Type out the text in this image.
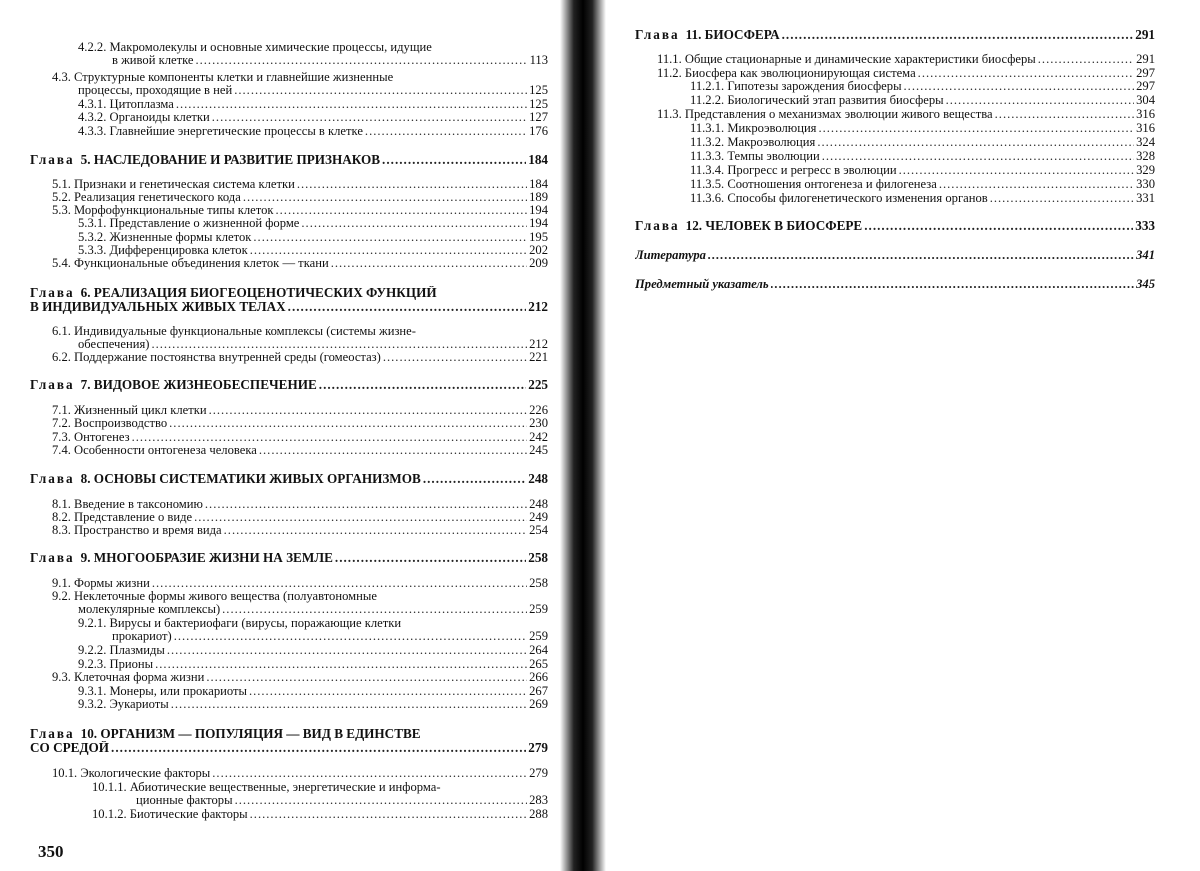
4.2.2. Макромолекулы и основные химические процессы, идущие
в живой клетке .....	113
4.3. Структурные компоненты клетки и главнейшие жизненные
процессы, проходящие в ней .....	125
4.3.1. Цитоплазма .....	125
4.3.2. Органоиды клетки .....	127
4.3.3. Главнейшие энергетические процессы в клетке .....	176
Глава 5. НАСЛЕДОВАНИЕ И РАЗВИТИЕ ПРИЗНАКОВ .....	184
5.1. Признаки и генетическая система клетки .....	184
5.2. Реализация генетического кода .....	189
5.3. Морфофункциональные типы клеток .....	194
5.3.1. Представление о жизненной форме .....	194
5.3.2. Жизненные формы клеток .....	195
5.3.3. Дифференцировка клеток .....	202
5.4. Функциональные объединения клеток — ткани .....	209
Глава 6. РЕАЛИЗАЦИЯ БИОГЕОЦЕНОТИЧЕСКИХ ФУНКЦИЙ
В ИНДИВИДУАЛЬНЫХ ЖИВЫХ ТЕЛАХ .....	212
6.1. Индивидуальные функциональные комплексы (системы жизне-
обеспечения) .....	212
6.2. Поддержание постоянства внутренней среды (гомеостаз) .....	221
Глава 7. ВИДОВОЕ ЖИЗНЕОБЕСПЕЧЕНИЕ .....	225
7.1. Жизненный цикл клетки .....	226
7.2. Воспроизводство .....	230
7.3. Онтогенез .....	242
7.4. Особенности онтогенеза человека .....	245
Глава 8. ОСНОВЫ СИСТЕМАТИКИ ЖИВЫХ ОРГАНИЗМОВ .....	248
8.1. Введение в таксономию .....	248
8.2. Представление о виде .....	249
8.3. Пространство и время вида .....	254
Глава 9. МНОГООБРАЗИЕ ЖИЗНИ НА ЗЕМЛЕ .....	258
9.1. Формы жизни .....	258
9.2. Неклеточные формы живого вещества (полуавтономные
молекулярные комплексы) .....	259
9.2.1. Вирусы и бактериофаги (вирусы, поражающие клетки
прокариот) .....	259
9.2.2. Плазмиды .....	264
9.2.3. Прионы .....	265
9.3. Клеточная форма жизни .....	266
9.3.1. Монеры, или прокариоты .....	267
9.3.2. Эукариоты .....	269
Глава 10. ОРГАНИЗМ — ПОПУЛЯЦИЯ — ВИД В ЕДИНСТВЕ
СО СРЕДОЙ .....	279
10.1. Экологические факторы .....	279
10.1.1. Абиотические вещественные, энергетические и информа-
ционные факторы .....	283
10.1.2. Биотические факторы .....	288
Глава 11. БИОСФЕРА .....	291
11.1. Общие стационарные и динамические характеристики биосферы .....	291
11.2. Биосфера как эволюционирующая система .....	297
11.2.1. Гипотезы зарождения биосферы .....	297
11.2.2. Биологический этап развития биосферы .....	304
11.3. Представления о механизмах эволюции живого вещества .....	316
11.3.1. Микроэволюция .....	316
11.3.2. Макроэволюция .....	324
11.3.3. Темпы эволюции .....	328
11.3.4. Прогресс и регресс в эволюции .....	329
11.3.5. Соотношения онтогенеза и филогенеза .....	330
11.3.6. Способы филогенетического изменения органов .....	331
Глава 12. ЧЕЛОВЕК В БИОСФЕРЕ .....	333
Литература .....	341
Предметный указатель .....	345
350
